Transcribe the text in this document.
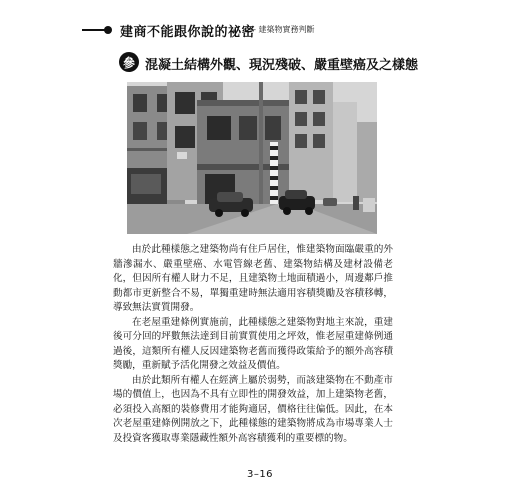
建商不能跟你說的祕密
— 建築物實務判斷
參 混凝土結構外觀、現況殘破、嚴重壁癌及之樣態

由於此種樣態之建築物尚有住戶居住，惟建築物面臨嚴重的外牆滲漏水、嚴重壁癌、水電管線老舊、建築物結構及建材設備老化，但因所有權人財力不足，且建築物土地面積過小，周邊鄰戶推動都市更新整合不易，單獨重建時無法適用容積獎勵及容積移轉，導致無法實質開發。

在老屋重建條例實施前，此種樣態之建築物對地主來說，重建後可分回的坪數無法達到目前實質使用之坪效，惟老屋重建條例通過後，這類所有權人反因建築物老舊而獲得政策給予的額外高容積獎勵，重新賦予活化開發之效益及價值。

由於此類所有權人在經濟上屬於弱勢，而該建築物在不動產市場的價值上，也因為不具有立即性的開發效益，加上建築物老舊，必須投入高額的裝修費用才能夠適居，價格往往偏低。因此，在本次老屋重建條例開放之下，此種樣態的建築物將成為市場專業人士及投資客獲取專業隱藏性額外高容積獲利的重要標的物。

3–16
